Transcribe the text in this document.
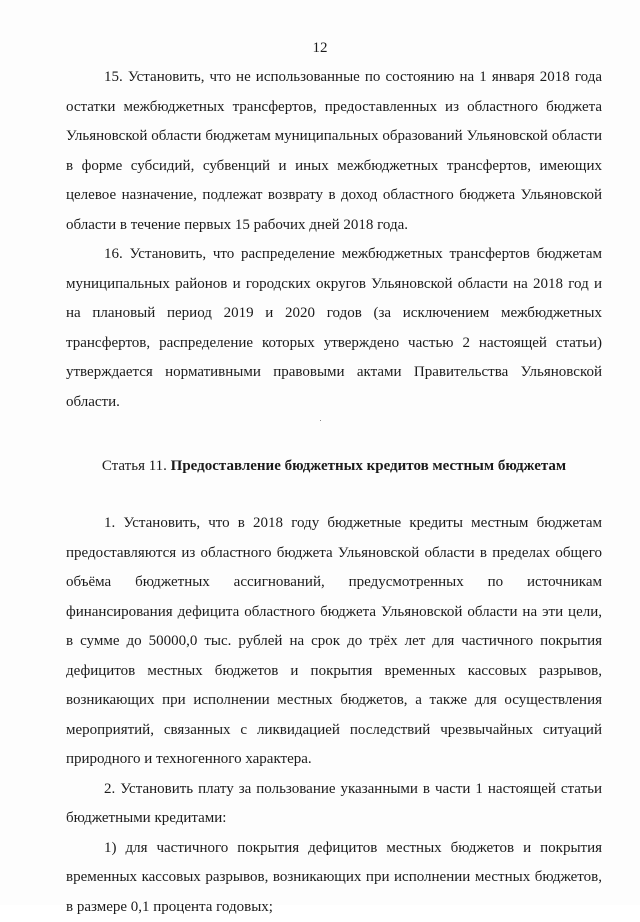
12

15. Установить, что не использованные по состоянию на 1 января 2018 года остатки межбюджетных трансфертов, предоставленных из областного бюджета Ульяновской области бюджетам муниципальных образований Ульяновской области в форме субсидий, субвенций и иных межбюджетных трансфертов, имеющих целевое назначение, подлежат возврату в доход областного бюджета Ульяновской области в течение первых 15 рабочих дней 2018 года.

16. Установить, что распределение межбюджетных трансфертов бюджетам муниципальных районов и городских округов Ульяновской области на 2018 год и на плановый период 2019 и 2020 годов (за исключением межбюджетных трансфертов, распределение которых утверждено частью 2 настоящей статьи) утверждается нормативными правовыми актами Правительства Ульяновской области.

Статья 11. Предоставление бюджетных кредитов местным бюджетам

1. Установить, что в 2018 году бюджетные кредиты местным бюджетам предоставляются из областного бюджета Ульяновской области в пределах общего объёма бюджетных ассигнований, предусмотренных по источникам финансирования дефицита областного бюджета Ульяновской области на эти цели, в сумме до 50000,0 тыс. рублей на срок до трёх лет для частичного покрытия дефицитов местных бюджетов и покрытия временных кассовых разрывов, возникающих при исполнении местных бюджетов, а также для осуществления мероприятий, связанных с ликвидацией последствий чрезвычайных ситуаций природного и техногенного характера.

2. Установить плату за пользование указанными в части 1 настоящей статьи бюджетными кредитами:

1) для частичного покрытия дефицитов местных бюджетов и покрытия временных кассовых разрывов, возникающих при исполнении местных бюджетов, в размере 0,1 процента годовых;
